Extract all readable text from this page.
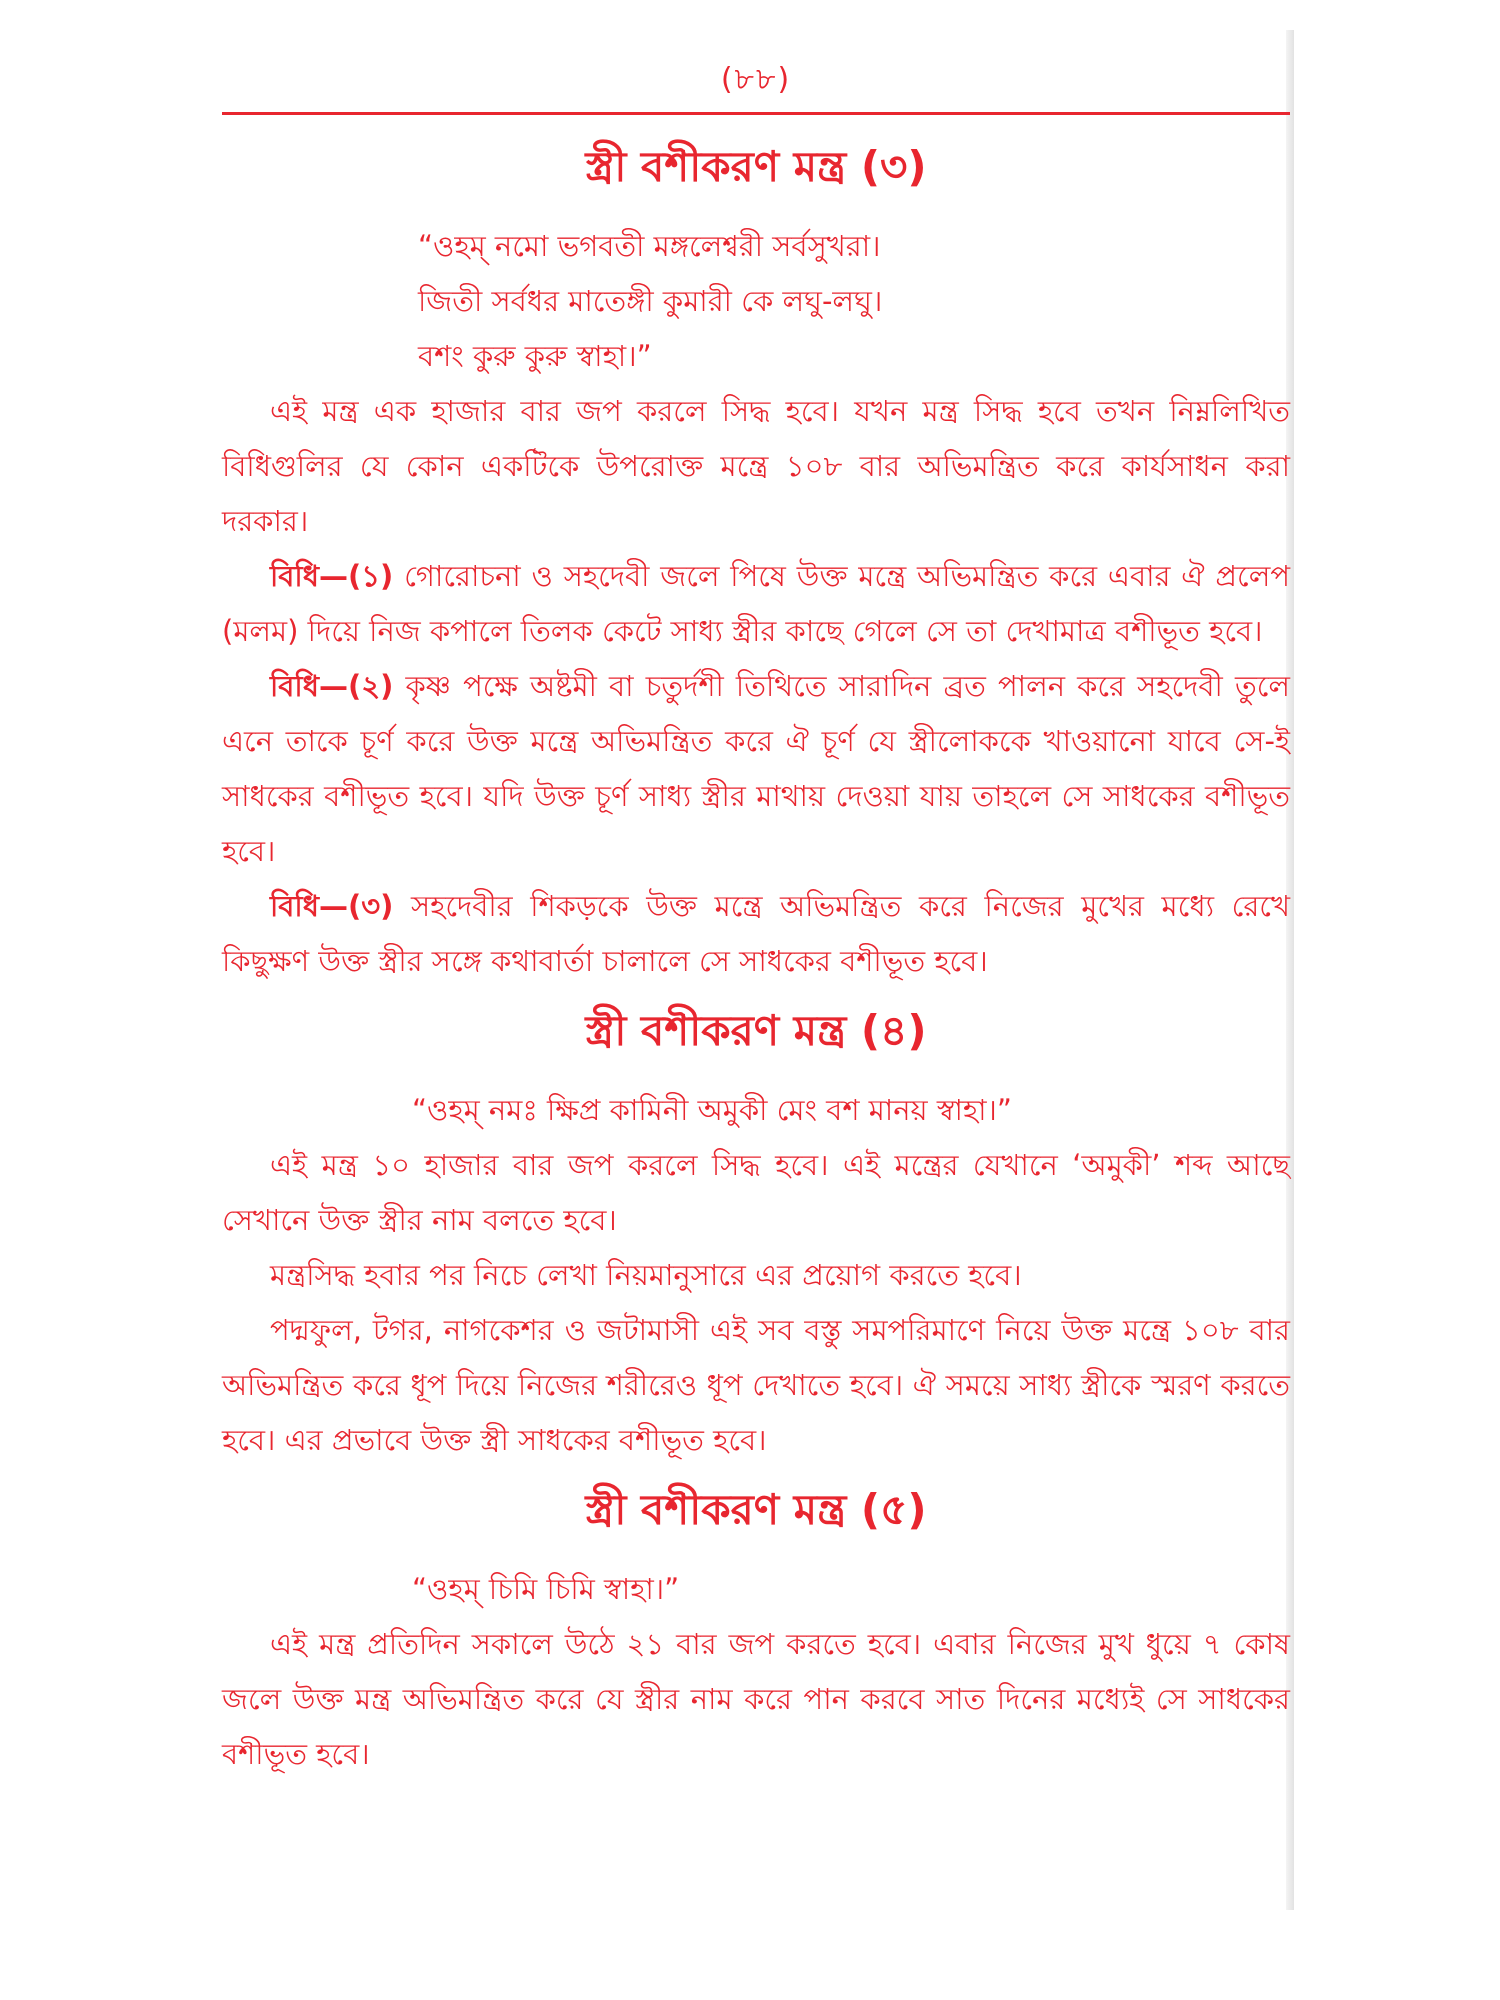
(৮৮)
স্ত্রী বশীকরণ মন্ত্র (৩)
“ওহম্ নমো ভগবতী মঙ্গলেশ্বরী সর্বসুখরা।
জিতী সর্বধর মাতেঙ্গী কুমারী কে লঘু-লঘু।
বশং কুরু কুরু স্বাহা।”

এই মন্ত্র এক হাজার বার জপ করলে সিদ্ধ হবে। যখন মন্ত্র সিদ্ধ হবে তখন নিম্নলিখিত বিধিগুলির যে কোন একটিকে উপরোক্ত মন্ত্রে ১০৮ বার অভিমন্ত্রিত করে কার্যসাধন করা দরকার।

বিধি—(১) গোরোচনা ও সহদেবী জলে পিষে উক্ত মন্ত্রে অভিমন্ত্রিত করে এবার ঐ প্রলেপ (মলম) দিয়ে নিজ কপালে তিলক কেটে সাধ্য স্ত্রীর কাছে গেলে সে তা দেখামাত্র বশীভূত হবে।

বিধি—(২) কৃষ্ণ পক্ষে অষ্টমী বা চতুর্দশী তিথিতে সারাদিন ব্রত পালন করে সহদেবী তুলে এনে তাকে চূর্ণ করে উক্ত মন্ত্রে অভিমন্ত্রিত করে ঐ চূর্ণ যে স্ত্রীলোককে খাওয়ানো যাবে সে-ই সাধকের বশীভূত হবে। যদি উক্ত চূর্ণ সাধ্য স্ত্রীর মাথায় দেওয়া যায় তাহলে সে সাধকের বশীভূত হবে।

বিধি—(৩) সহদেবীর শিকড়কে উক্ত মন্ত্রে অভিমন্ত্রিত করে নিজের মুখের মধ্যে রেখে কিছুক্ষণ উক্ত স্ত্রীর সঙ্গে কথাবার্তা চালালে সে সাধকের বশীভূত হবে।

স্ত্রী বশীকরণ মন্ত্র (৪)
“ওহম্ নমঃ ক্ষিপ্র কামিনী অমুকী মেং বশ মানয় স্বাহা।”

এই মন্ত্র ১০ হাজার বার জপ করলে সিদ্ধ হবে। এই মন্ত্রের যেখানে ‘অমুকী’ শব্দ আছে সেখানে উক্ত স্ত্রীর নাম বলতে হবে।

মন্ত্রসিদ্ধ হবার পর নিচে লেখা নিয়মানুসারে এর প্রয়োগ করতে হবে।

পদ্মফুল, টগর, নাগকেশর ও জটামাসী এই সব বস্তু সমপরিমাণে নিয়ে উক্ত মন্ত্রে ১০৮ বার অভিমন্ত্রিত করে ধূপ দিয়ে নিজের শরীরেও ধূপ দেখাতে হবে। ঐ সময়ে সাধ্য স্ত্রীকে স্মরণ করতে হবে। এর প্রভাবে উক্ত স্ত্রী সাধকের বশীভূত হবে।

স্ত্রী বশীকরণ মন্ত্র (৫)
“ওহম্ চিমি চিমি স্বাহা।”

এই মন্ত্র প্রতিদিন সকালে উঠে ২১ বার জপ করতে হবে। এবার নিজের মুখ ধুয়ে ৭ কোষ জলে উক্ত মন্ত্র অভিমন্ত্রিত করে যে স্ত্রীর নাম করে পান করবে সাত দিনের মধ্যেই সে সাধকের বশীভূত হবে।
